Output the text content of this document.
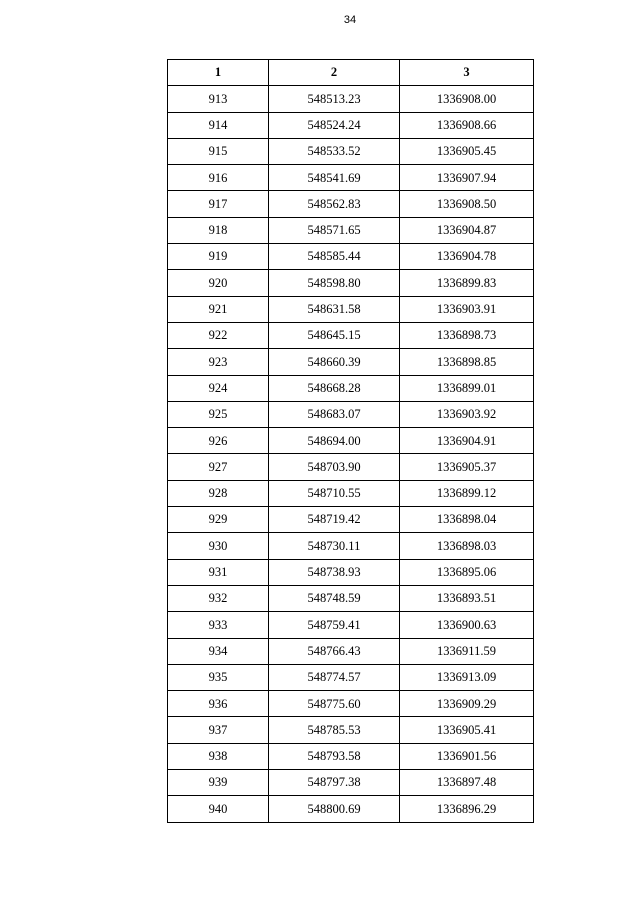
34
1	2	3
913	548513.23	1336908.00
914	548524.24	1336908.66
915	548533.52	1336905.45
916	548541.69	1336907.94
917	548562.83	1336908.50
918	548571.65	1336904.87
919	548585.44	1336904.78
920	548598.80	1336899.83
921	548631.58	1336903.91
922	548645.15	1336898.73
923	548660.39	1336898.85
924	548668.28	1336899.01
925	548683.07	1336903.92
926	548694.00	1336904.91
927	548703.90	1336905.37
928	548710.55	1336899.12
929	548719.42	1336898.04
930	548730.11	1336898.03
931	548738.93	1336895.06
932	548748.59	1336893.51
933	548759.41	1336900.63
934	548766.43	1336911.59
935	548774.57	1336913.09
936	548775.60	1336909.29
937	548785.53	1336905.41
938	548793.58	1336901.56
939	548797.38	1336897.48
940	548800.69	1336896.29
